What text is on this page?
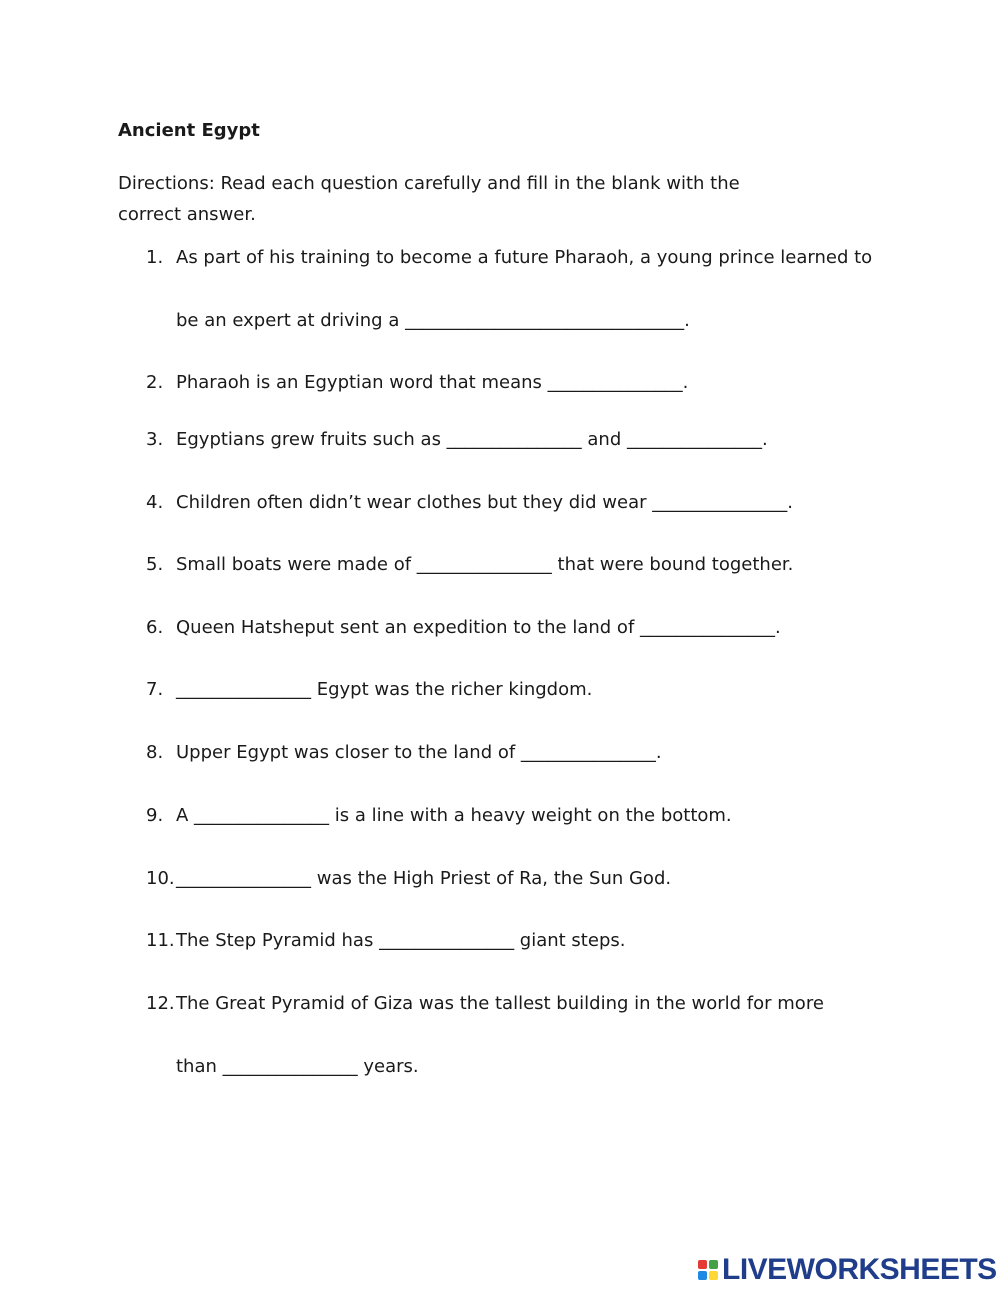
Ancient Egypt
Directions: Read each question carefully and fill in the blank with the correct answer.
1. As part of his training to become a future Pharaoh, a young prince learned to
be an expert at driving a _______________________________.
2. Pharaoh is an Egyptian word that means _______________.
3. Egyptians grew fruits such as _______________ and _______________.
4. Children often didn’t wear clothes but they did wear _______________.
5. Small boats were made of _______________ that were bound together.
6. Queen Hatsheput sent an expedition to the land of _______________.
7. _______________ Egypt was the richer kingdom.
8. Upper Egypt was closer to the land of _______________.
9. A _______________ is a line with a heavy weight on the bottom.
10._______________ was the High Priest of Ra, the Sun God.
11.The Step Pyramid has _______________ giant steps.
12.The Great Pyramid of Giza was the tallest building in the world for more
than _______________ years.
LIVEWORKSHEETS
